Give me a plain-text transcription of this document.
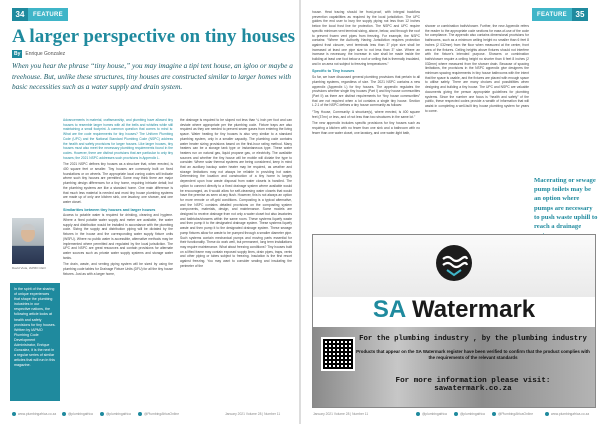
34	FEATURE
A larger perspective on tiny houses
By	Enrique Gonzalez
When you hear the phrase “tiny house,” you may imagine a tipi tent house, an igloo or maybe a treehouse. But, unlike these structures, tiny houses are constructed similar to larger homes with basic necessities such as a water supply and drain system.

Advancements in material, craftsmanship, and plumbing have allowed tiny houses to resemble larger homes with all the bells and whistles while still maintaining a small footprint. A common question that comes to mind is: What are the code requirements for tiny houses? The Uniform Plumbing Code (UPC) and the National Standard Plumbing Code (NSPC) address the health and safety provisions for larger houses. Like larger houses, tiny houses must also meet the necessary plumbing requirements found in the codes. However, there are distinct provisions that are particular to only tiny houses; the 2021 NSPC addresses such provisions in Appendix L.

The 2021 NSPC defines tiny houses as a structure that, when erected, is 400 square feet or smaller. Tiny houses are commonly built on fixed foundations or on wheels. The appropriate local zoning codes will indicate where such tiny houses are permitted. Some may think there are major plumbing design differences for a tiny home, requiring intricate detail; but the plumbing systems are like a standard home. One main difference is that much less material is needed and most tiny house plumbing systems are made up of only one kitchen sink, one lavatory, one shower, and one water closet.

Similarities between tiny houses and larger houses

Access to potable water is required for drinking, cleaning and hygiene. Where a fixed potable water supply and meter are available, the water supply and distribution would be installed in accordance with the plumbing code. Sizing the supply and distribution piping will be dictated by the fixtures in the house and the corresponding water supply fixture units (WSFU). Where no public water is accessible, alternative methods may be implemented where permitted and regulated by the local jurisdiction. The UPC and NSPC are great resources and contain provisions for alternate water sources such as private water supply systems and storage water tanks.

The drain, waste, and venting piping system will be sized by using the plumbing code tables for Drainage Fixture Units (DFU) for all the tiny house fixtures. Just as with a larger home,

David Viola, IAPMO CEO
In the spirit of the sharing of unique experiences that shape the plumbing industries in our respective nations, the following article looks at health and safety provisions for tiny houses. Written by IAPMO Plumbing Code Development Administrator, Enrique Gonzalez, it is the next in a regular series of similar articles that will run in this magazine.

the drainage is required to be sloped not less than ¼ inch per foot and can deviate where appropriate per the plumbing code. Fixture traps are also required as they are needed to prevent sewer gases from entering the living space. Water heating for tiny houses is also very similar to a standard plumbing system, only in a smaller capacity. The plumbing code contains water heater sizing provisions based on the first-hour rating method. Many heaters can be a storage tank type or instantaneous type. These water heaters run on natural gas, liquid propane gas, or electricity. The available sources and whether the tiny house will be mobile will dictate the type to consider. Where solar thermal systems are being considered, keep in mind that an auxiliary backup water heater may be required, as weather and storage limitations may not always be reliable in providing hot water. Determining the location and construction of a tiny home is largely dependent upon how waste disposal from water closets is handled. The option to connect directly to a fixed drainage system where available would be encouraged, as it would allow for self-cleansing water closets that would have the premise as seen at any flush. However, this is not always an option for more remote or off-grid conditions. Composting is a typical alternative, and the NSPC contains detailed provisions on the composting system components, materials, design, and maintenance. Some models are designed to receive drainage from not only a water closet but also lavatories and bathtubs/showers within the same room. These systems liquefy waste and then pump it to the designated drainage system. These systems liquefy waste and then pump it to the designated drainage system. These sewage pump fixtures allow for waste to be pumped through a smaller diameter pipe. Such systems contain mechanical pumps and moving parts essential for their functionality. These do work well, but permanent, long term installations may require maintenance. What about freezing conditions? Tiny houses built on a lifted frame may contain exposed supply lines, drain pipes, traps, vents and other piping or tubes subject to freezing. Insulation is the first resort against freezing. You may want to consider sealing and insulating the perimeter of the

www.plumbingafrica.co.za	@plumbingafrica	@plumbingafrica	@PlumbingAfricaOnline	January 2021 Volume 28 | Number 11
FEATURE	35

house. Heat tracing should be frost-proof, with integral backflow prevention capabilities as required by the local jurisdiction. The UPC guides the end user to bury the supply piping not less than 12 inches below the local frost line for protection. The NSPC and UPC require specific minimum vent terminal sizing, above, below, and through the roof to prevent frozen vent pipes from freezing. For example, the NSPC contains: “Where the Authority Having Jurisdiction requires protection against frost closure, vent terminals less than 3” pipe size shall be increased at least one pipe size to not less than 3” size. Where an increase is necessary, the increase in size shall be made inside the building at least one foot below a roof or ceiling that is thermally insulated, and in an area not subject to freezing temperatures.”

Specific to Tiny houses

So far, we have discussed general plumbing provisions that pertain to all plumbing systems, regardless of size. The 2021 NSPC contains a new appendix (Appendix L) for tiny houses. The appendix regulates the provisions whether single tiny houses (Part I) and tiny house communities (Part II) as there are distinct requirements for “tiny house communities” that are not required when a lot contains a single tiny house. Section L.2.1 of the NSPC defines a tiny house community as follows:

“Tiny House, Community: A structure(s), where erected, is 400 square feet (37m²) or less, and of not less than two structures in the same lot.”

The new appendix includes specific provisions for tiny houses such as requiring a kitchen with no fewer than one sink and a bathroom with no fewer than one water closet, one lavatory, and one water-tight bath,

shower or combination bath/shower. Further, the new Appendix refers the reader to the appropriate code sections for ease-of-use of the code for compliance. The appendix also contains dimensional provisions for bathrooms, such as a minimum ceiling height no smaller than 6 feet 8 inches (2 032mm) from the floor when measured at the center, front area of the fixtures. Ceiling heights above fixtures should not interfere with the fixture's intended purpose. Showers or combination bath/shower require a ceiling height no shorter than 6 feet 8 inches (2 032mm) where measured from the shower drain. Because of spacing limitations, the provisions in the NSPC appendix give designers the minimum spacing requirements in tiny house bathrooms with the intent that the space is usable, and the fixtures are placed with enough space to utilise safely. There are many choices and possibilities when designing and building a tiny house. The UPC and NSPC are valuable documents giving the person appropriate guidelines for plumbing systems. Since the number one focus is “health and safety” of the public, these respected codes provide a wealth of information that will assist in completing a well-built tiny house plumbing system for years to come.

Macerating or sewage pump toilets may be an option where pumps are necessary to push waste uphill to reach a drainage
SA Watermark
For the plumbing industry , by the plumbing industry
Products that appear on the SA Watermark register have been verified to confirm that the product complies with the requirements of the relevant standards
For more information please visit: sawatermark.co.za
January 2021 Volume 28 | Number 11	@plumbingafrica	@plumbingafrica	@PlumbingAfricaOnline	www.plumbingafrica.co.za
